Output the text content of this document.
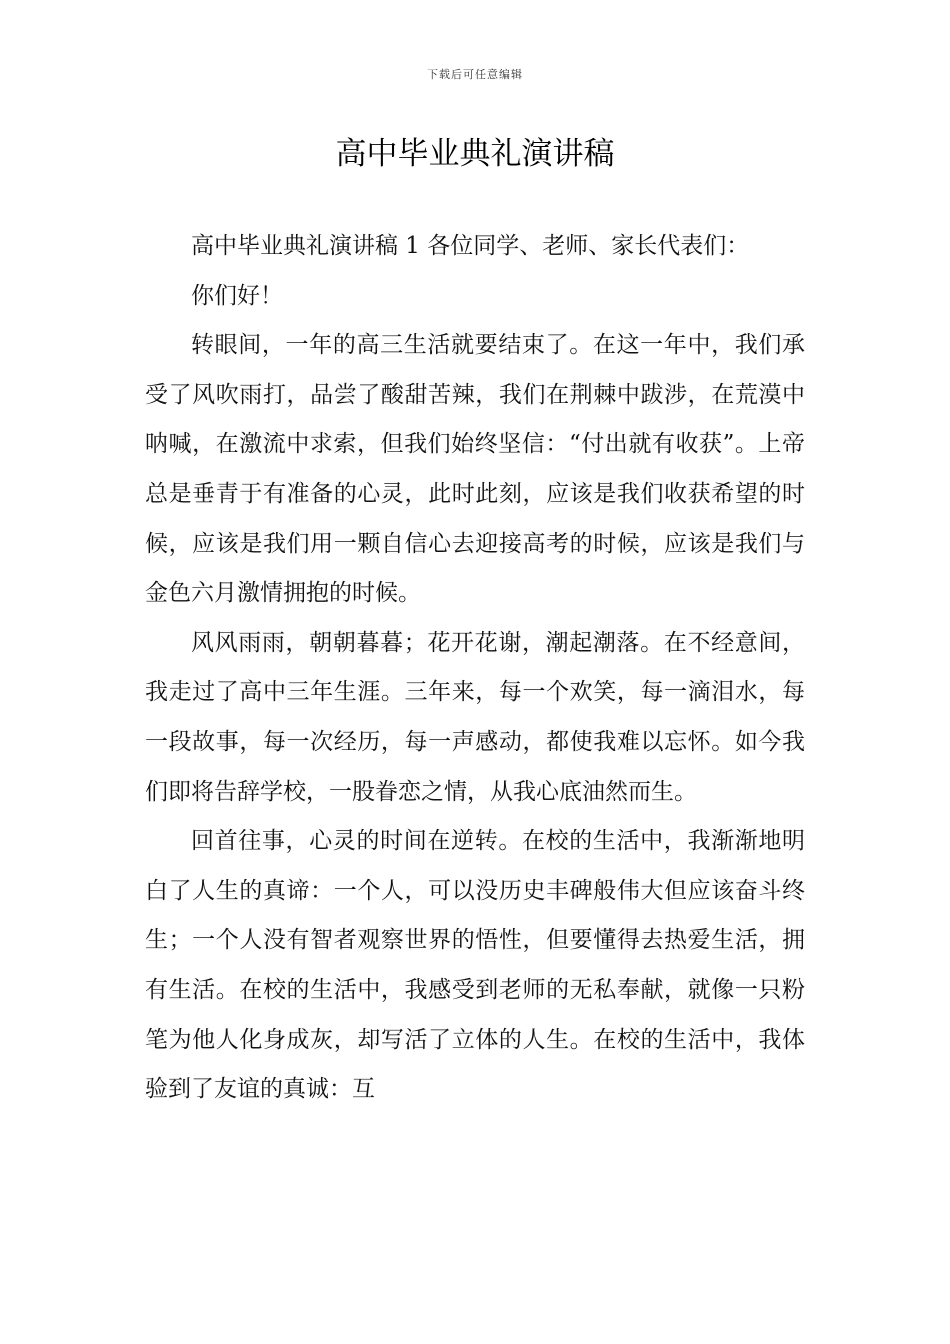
下载后可任意编辑
高中毕业典礼演讲稿

高中毕业典礼演讲稿 1 各位同学、老师、家长代表们：

你们好！

转眼间，一年的高三生活就要结束了。在这一年中，我们承受了风吹雨打，品尝了酸甜苦辣，我们在荆棘中跋涉，在荒漠中呐喊，在激流中求索，但我们始终坚信：“付出就有收获”。上帝总是垂青于有准备的心灵，此时此刻，应该是我们收获希望的时候，应该是我们用一颗自信心去迎接高考的时候，应该是我们与金色六月激情拥抱的时候。

风风雨雨，朝朝暮暮；花开花谢，潮起潮落。在不经意间，我走过了高中三年生涯。三年来，每一个欢笑，每一滴泪水，每一段故事，每一次经历，每一声感动，都使我难以忘怀。如今我们即将告辞学校，一股眷恋之情，从我心底油然而生。

回首往事，心灵的时间在逆转。在校的生活中，我渐渐地明白了人生的真谛：一个人，可以没历史丰碑般伟大但应该奋斗终生；一个人没有智者观察世界的悟性，但要懂得去热爱生活，拥有生活。在校的生活中，我感受到老师的无私奉献，就像一只粉笔为他人化身成灰，却写活了立体的人生。在校的生活中，我体验到了友谊的真诚：互
